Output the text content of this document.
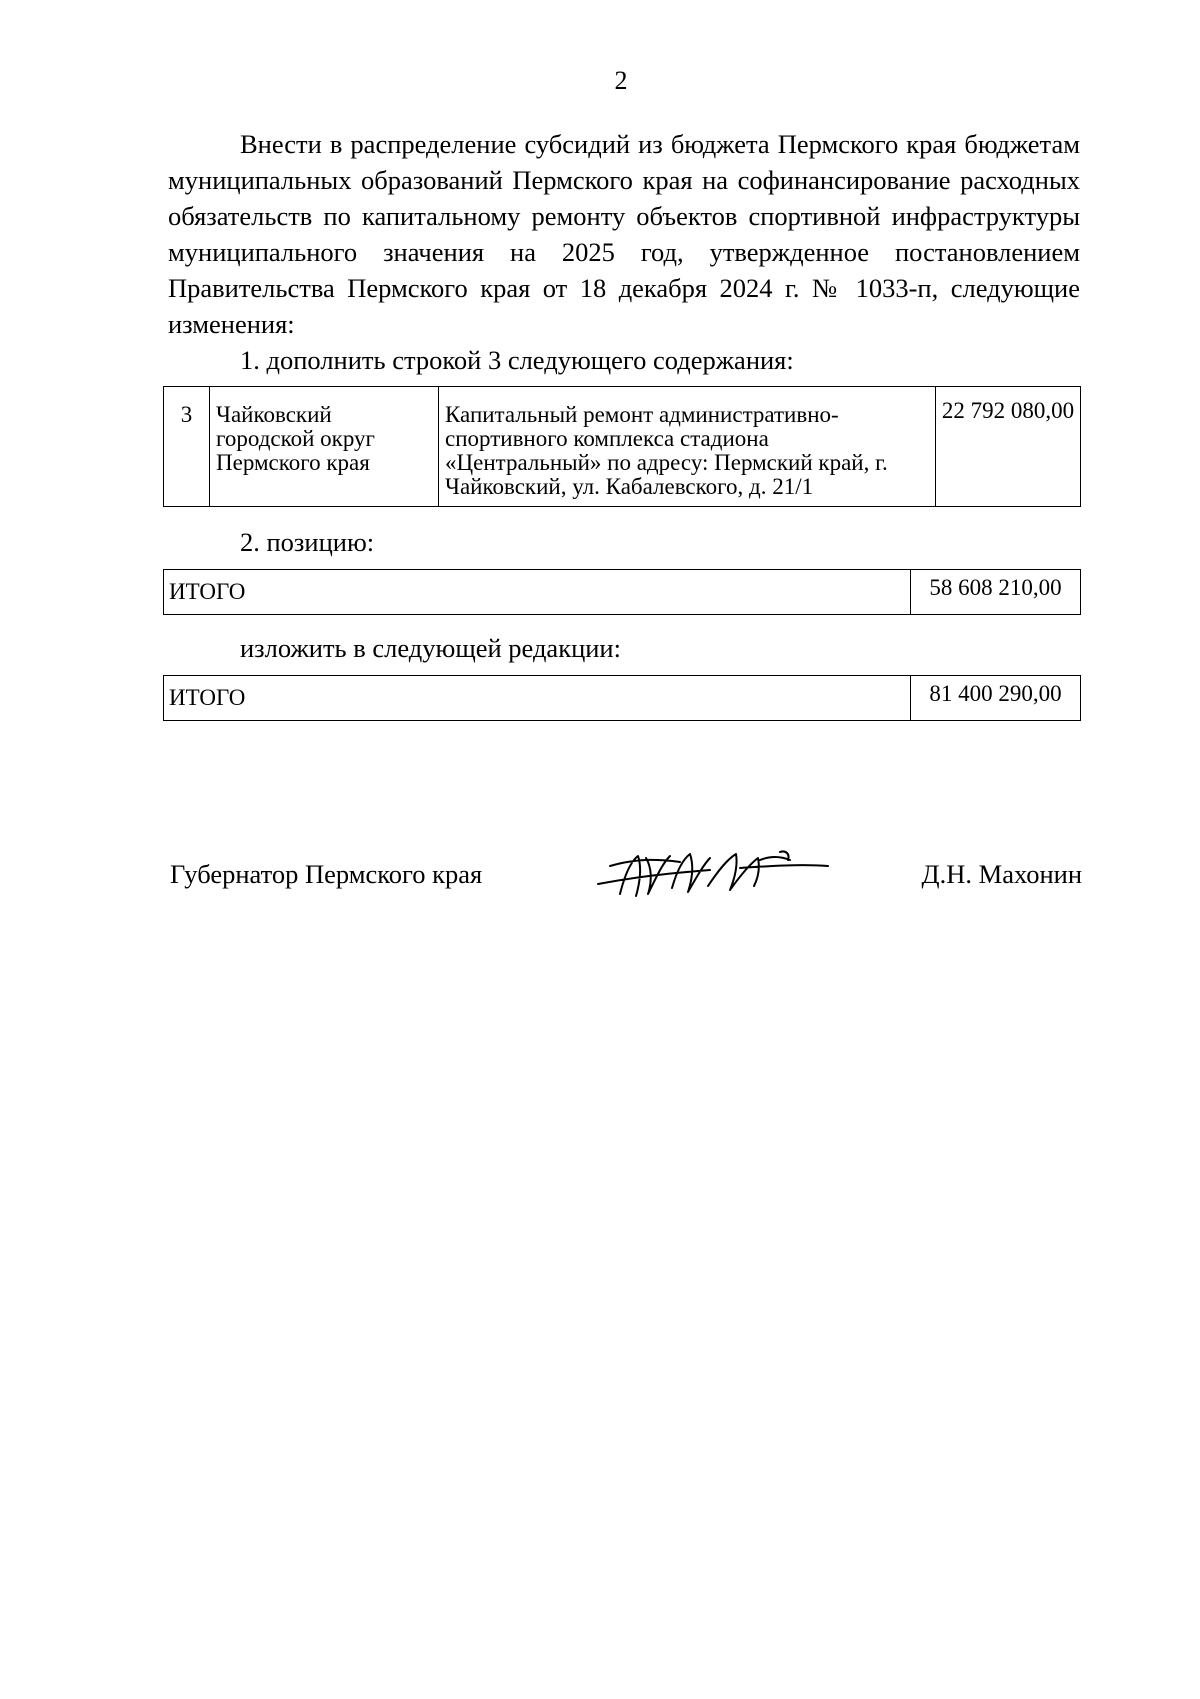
2

Внести в распределение субсидий из бюджета Пермского края бюджетам муниципальных образований Пермского края на софинансирование расходных обязательств по капитальному ремонту объектов спортивной инфраструктуры муниципального значения на 2025 год, утвержденное постановлением Правительства Пермского края от 18 декабря 2024 г. № 1033-п, следующие изменения:

1. дополнить строкой 3 следующего содержания:
3	Чайковский городской округ Пермского края	Капитальный ремонт административно-спортивного комплекса стадиона «Центральный» по адресу: Пермский край, г. Чайковский, ул. Кабалевского, д. 21/1	22 792 080,00
2. позицию:
ИТОГО	58 608 210,00
изложить в следующей редакции:
ИТОГО	81 400 290,00
Губернатор Пермского края	Д.Н. Махонин
